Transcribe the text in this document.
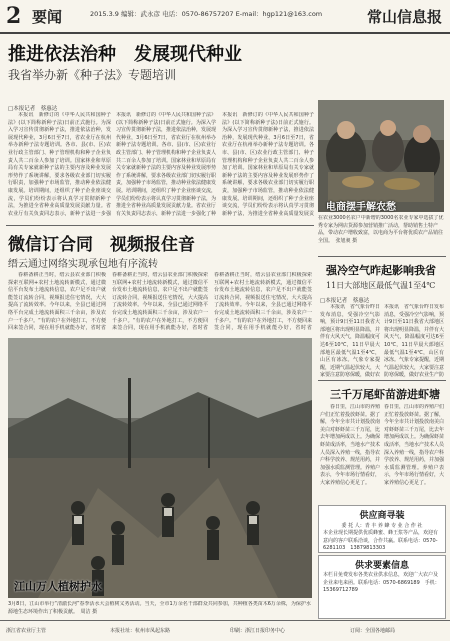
2 要闻	2015.3.9 编辑：武永彦 电话：0570-86757207 E-mail：hgp121@163.com	常山信息报
推进依法治种　发展现代种业
我省举办新《种子法》专题培训
□本报记者　蔡惠达
本报讯　新修订的《中华人民共和国种子法》(以下简称新种子法)日前正式施行。为深入学习宣传贯彻新种子法，推进依法治种，发展现代种业，3月6日至7日，省农业厅在杭州举办新种子法专题培训。各市、县(市、区)农业行政主管部门、种子管理机构和种子企业负责人共二百余人参加了培训。国家林业和草原局有关专家就新种子法的主要内容及种业发展形势作了系统讲解，要求各级农业部门切实履行职责，加强种子市场监管，推动种业依法健康发展。培训期间，还组织了种子企业座谈交流，学员们纷纷表示将认真学习贯彻新种子法，为推进全省种业高质量发展贡献力量。省农业厅有关负责同志表示，新种子法进一步强
本报讯　新修订的《中华人民共和国种子法》(以下简称新种子法)日前正式施行。为深入学习宣传贯彻新种子法，推进依法治种，发展现代种业，3月6日至7日，省农业厅在杭州举办新种子法专题培训。各市、县(市、区)农业行政主管部门、种子管理机构和种子企业负责人共二百余人参加了培训。国家林业和草原局有关专家就新种子法的主要内容及种业发展形势作了系统讲解，要求各级农业部门切实履行职责，加强种子市场监管，推动种业依法健康发展。培训期间，还组织了种子企业座谈交流，学员们纷纷表示将认真学习贯彻新种子法，为推进全省种业高质量发展贡献力量。省农业厅有关负责同志表示，新种子法进一步强化了种
本报讯　新修订的《中华人民共和国种子法》(以下简称新种子法)日前正式施行。为深入学习宣传贯彻新种子法，推进依法治种，发展现代种业，3月6日至7日，省农业厅在杭州举办新种子法专题培训。各市、县(市、区)农业行政主管部门、种子管理机构和种子企业负责人共二百余人参加了培训。国家林业和草原局有关专家就新种子法的主要内容及种业发展形势作了系统讲解，要求各级农业部门切实履行职责，加强种子市场监管，推动种业依法健康发展。培训期间，还组织了种子企业座谈交流，学员们纷纷表示将认真学习贯彻新种子法，为推进全省种业高质量发展贡
电商摆手解农愁
在农业3000名农户中新增的3000名农业专家中选拔了优秀专家为网店货源参加营销推广活动，帮助销售土特产品，带动农户增收致富，以电商为平台将优质农产品销往全国。　张旭昶 摄
微信订合同　视频报住音
缙云通过网络实现承包地有序流转
春耕备耕正当时，缙云县农业部门积极探索互联网+农村土地流转新模式，通过微信平台发布土地流转信息，农户足不出户就能签订流转合同，视频报送住宅情况，大大提高了流转效率。今年以来，全县已通过网络平台完成土地流转面积三千余亩，涉及农户一千多户。“有的农户在外地打工，不方便回来签合同，现在用手机就能办好，省时省
春耕备耕正当时，缙云县农业部门积极探索互联网+农村土地流转新模式，通过微信平台发布土地流转信息，农户足不出户就能签订流转合同，视频报送住宅情况，大大提高了流转效率。今年以来，全县已通过网络平台完成土地流转面积三千余亩，涉及农户一千多户。“有的农户在外地打工，不方便回来签合同，现在用手机就能办好，省时省
春耕备耕正当时，缙云县农业部门积极探索互联网+农村土地流转新模式，通过微信平台发布土地流转信息，农户足不出户就能签订流转合同，视频报送住宅情况，大大提高了流转效率。今年以来，全县已通过网络平台完成土地流转面积三千余亩，涉及农户一千多户。“有的农户在外地打工，不方便回来签合同，现在用手机就能办好，省时省
江山万人植树护水
3月8日，江山市举行“清澈长河”春季活水大会植树义务活动。当天，全市1万余名干部群众共同参加，共种植各类苗木6万余株，为保护水源地生态环境作出了积极贡献。　周洁 摄
强冷空气昨起影响我省
11日大部地区最低气温1至4℃
□本报记者　蔡惠达
本报讯　省气象台昨日发布消息，受强冷空气影响，预计9日至11日我省大部地区将出现明显降温，并伴有大风天气，降温幅度可达6至10℃，11日早晨大部地区最低气温1至4℃，山区有冰冻。气象专家提醒，近期气温起伏较大，大家要注意防寒保暖，做好农
本报讯　省气象台昨日发布消息，受强冷空气影响，预计9日至11日我省大部地区将出现明显降温，并伴有大风天气，降温幅度可达6至10℃，11日早晨大部地区最低气温1至4℃，山区有冰冻。气象专家提醒，近期气温起伏较大，大家要注意防寒保暖，做好农业生产防
三千万尾虾苗游进虾塘
春日里，江山市的养殖户们正忙着投放虾苗。据了解，今年全市共计划投放南美白对虾虾苗三千万尾，比去年增加两成以上。为确保虾苗成活率，当地水产技术人员深入养殖一线，指导农户科学放养、规范用药，并加强水质监测管理。养殖户表示，今年市场行情看好，大家养殖信心更足了。
春日里，江山市的养殖户们正忙着投放虾苗。据了解，今年全市共计划投放南美白对虾虾苗三千万尾，比去年增加两成以上。为确保虾苗成活率，当地水产技术人员深入养殖一线，指导农户科学放养、规范用药，并加强水质监测管理。养殖户表示，今年市场行情看好，大家养殖信心更足了。
供应商寻装
委 托 人：青 丰 养 蜂 专 业 合 作 社
本企业现长期提供优质蜂蜜、蜂王浆等产品，欢迎有意向的客户联系洽谈，合作共赢。联系电话：0570-6281103　13879813303
供求要素信息
本栏目免费发布各类农业供求信息，欢迎广大农户及企业来电来函。联系电话：0570-6869189　手机：15369712789
浙江省农业厅主管	本报社址：杭州市凤起东路	印刷：浙江日报印务中心	订阅：全国各地邮局
